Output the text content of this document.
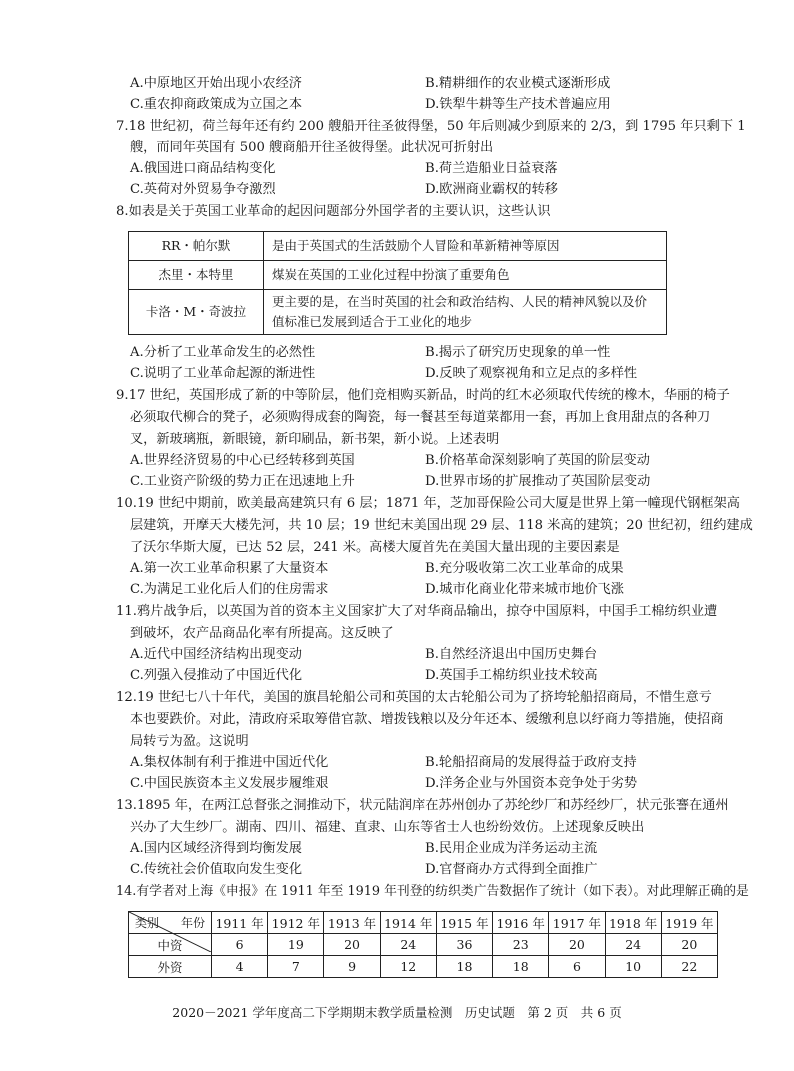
A.中原地区开始出现小农经济	B.精耕细作的农业模式逐渐形成
C.重农抑商政策成为立国之本	D.铁犁牛耕等生产技术普遍应用
7.18 世纪初，荷兰每年还有约 200 艘船开往圣彼得堡，50 年后则减少到原来的 2/3，到 1795 年只剩下 1
艘，而同年英国有 500 艘商船开往圣彼得堡。此状况可折射出
A.俄国进口商品结构变化	B.荷兰造船业日益衰落
C.英荷对外贸易争夺激烈	D.欧洲商业霸权的转移
8.如表是关于英国工业革命的起因问题部分外国学者的主要认识，这些认识
RR・帕尔默	是由于英国式的生活鼓励个人冒险和革新精神等原因
杰里・本特里	煤炭在英国的工业化过程中扮演了重要角色
卡洛・M・奇波拉	更主要的是，在当时英国的社会和政治结构、人民的精神风貌以及价值标准已发展到适合于工业化的地步
A.分析了工业革命发生的必然性	B.揭示了研究历史现象的单一性
C.说明了工业革命起源的渐进性	D.反映了观察视角和立足点的多样性
9.17 世纪，英国形成了新的中等阶层，他们竞相购买新品，时尚的红木必须取代传统的橡木，华丽的椅子
必须取代柳合的凳子，必须购得成套的陶瓷，每一餐甚至每道菜都用一套，再加上食用甜点的各种刀
叉，新玻璃瓶，新眼镜，新印刷品，新书架，新小说。上述表明
A.世界经济贸易的中心已经转移到英国	B.价格革命深刻影响了英国的阶层变动
C.工业资产阶级的势力正在迅速地上升	D.世界市场的扩展推动了英国阶层变动
10.19 世纪中期前，欧美最高建筑只有 6 层；1871 年，芝加哥保险公司大厦是世界上第一幢现代钢框架高
层建筑，开摩天大楼先河，共 10 层；19 世纪末美国出现 29 层、118 米高的建筑；20 世纪初，纽约建成
了沃尔华斯大厦，已达 52 层，241 米。高楼大厦首先在美国大量出现的主要因素是
A.第一次工业革命积累了大量资本	B.充分吸收第二次工业革命的成果
C.为满足工业化后人们的住房需求	D.城市化商业化带来城市地价飞涨
11.鸦片战争后，以英国为首的资本主义国家扩大了对华商品输出，掠夺中国原料，中国手工棉纺织业遭
到破坏，农产品商品化率有所提高。这反映了
A.近代中国经济结构出现变动	B.自然经济退出中国历史舞台
C.列强入侵推动了中国近代化	D.英国手工棉纺织业技术较高
12.19 世纪七八十年代，美国的旗昌轮船公司和英国的太古轮船公司为了挤垮轮船招商局，不惜生意亏
本也要跌价。对此，清政府采取筹借官款、增拨钱粮以及分年还本、缓缴利息以纾商力等措施，使招商
局转亏为盈。这说明
A.集权体制有利于推进中国近代化	B.轮船招商局的发展得益于政府支持
C.中国民族资本主义发展步履维艰	D.洋务企业与外国资本竞争处于劣势
13.1895 年，在两江总督张之洞推动下，状元陆润庠在苏州创办了苏纶纱厂和苏经纱厂，状元张謇在通州
兴办了大生纱厂。湖南、四川、福建、直隶、山东等省士人也纷纷效仿。上述现象反映出
A.国内区域经济得到均衡发展	B.民用企业成为洋务运动主流
C.传统社会价值取向发生变化	D.官督商办方式得到全面推广
14.有学者对上海《申报》在 1911 年至 1919 年刊登的纺织类广告数据作了统计（如下表）。对此理解正确的是
年份
类别	1911 年	1912 年	1913 年	1914 年	1915 年	1916 年	1917 年	1918 年	1919 年
中资	6	19	20	24	36	23	20	24	20
外资	4	7	9	12	18	18	6	10	22
2020－2021 学年度高二下学期期末教学质量检测　历史试题　第 2 页　共 6 页
